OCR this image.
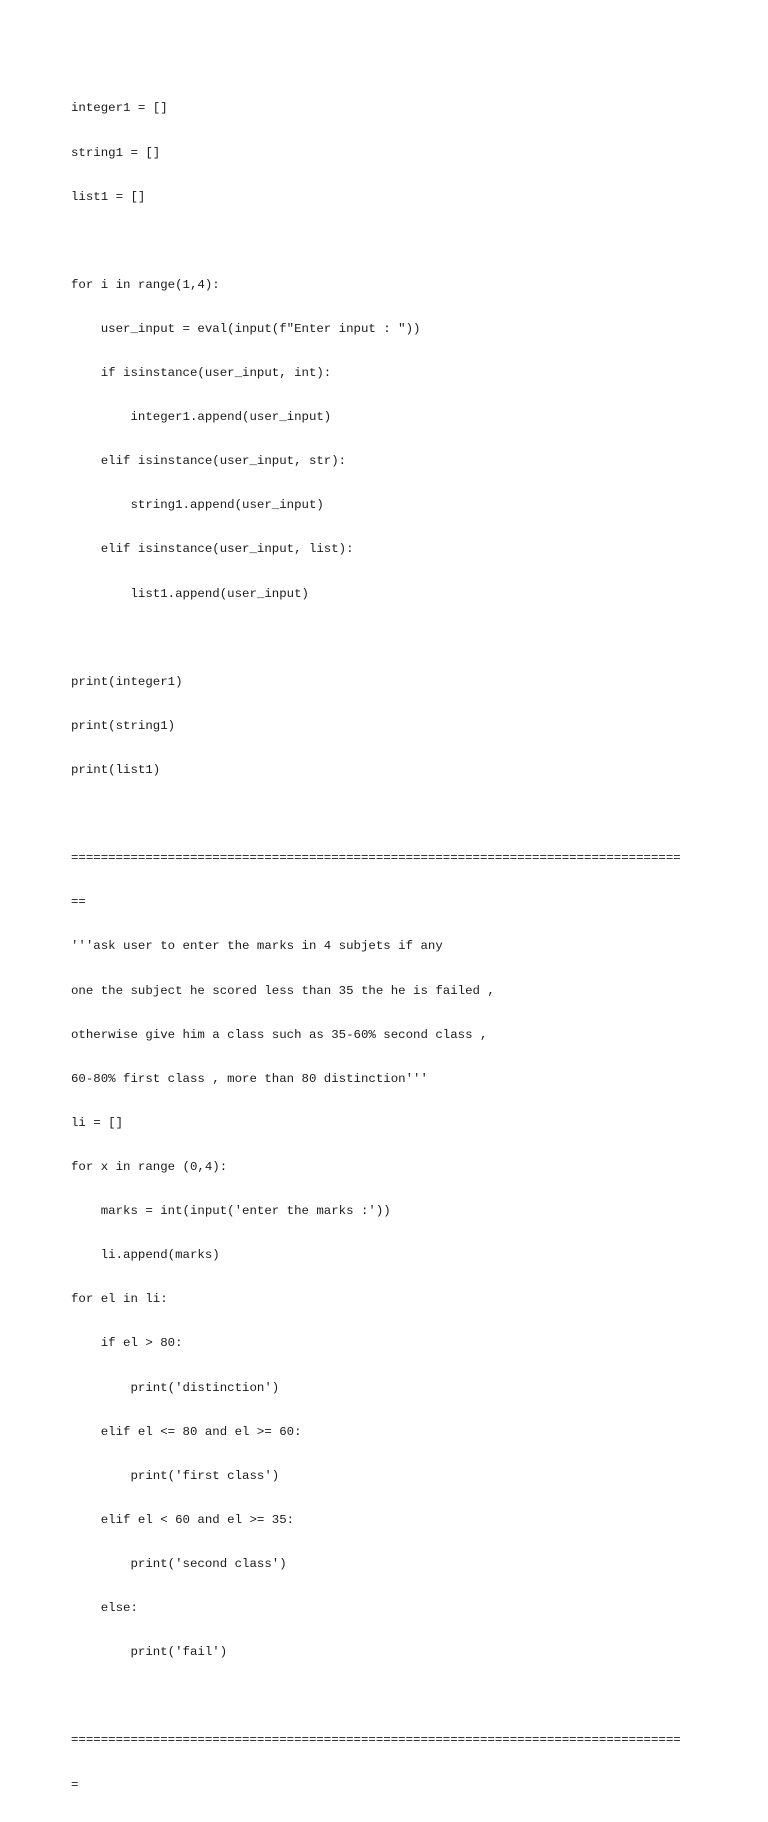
integer1 = []

string1 = []

list1 = []

for i in range(1,4):

user_input = eval(input(f"Enter input : "))

if isinstance(user_input, int):

integer1.append(user_input)

elif isinstance(user_input, str):

string1.append(user_input)

elif isinstance(user_input, list):

list1.append(user_input)

print(integer1)

print(string1)

print(list1)

==================================================================================

==

'''ask user to enter the marks in 4 subjets if any

one the subject he scored less than 35 the he is failed ,

otherwise give him a class such as 35-60% second class ,

60-80% first class , more than 80 distinction'''

li = []

for x in range (0,4):

marks = int(input('enter the marks :'))

li.append(marks)

for el in li:

if el > 80:

print('distinction')

elif el <= 80 and el >= 60:

print('first class')

elif el < 60 and el >= 35:

print('second class')

else:

print('fail')

==================================================================================

=
